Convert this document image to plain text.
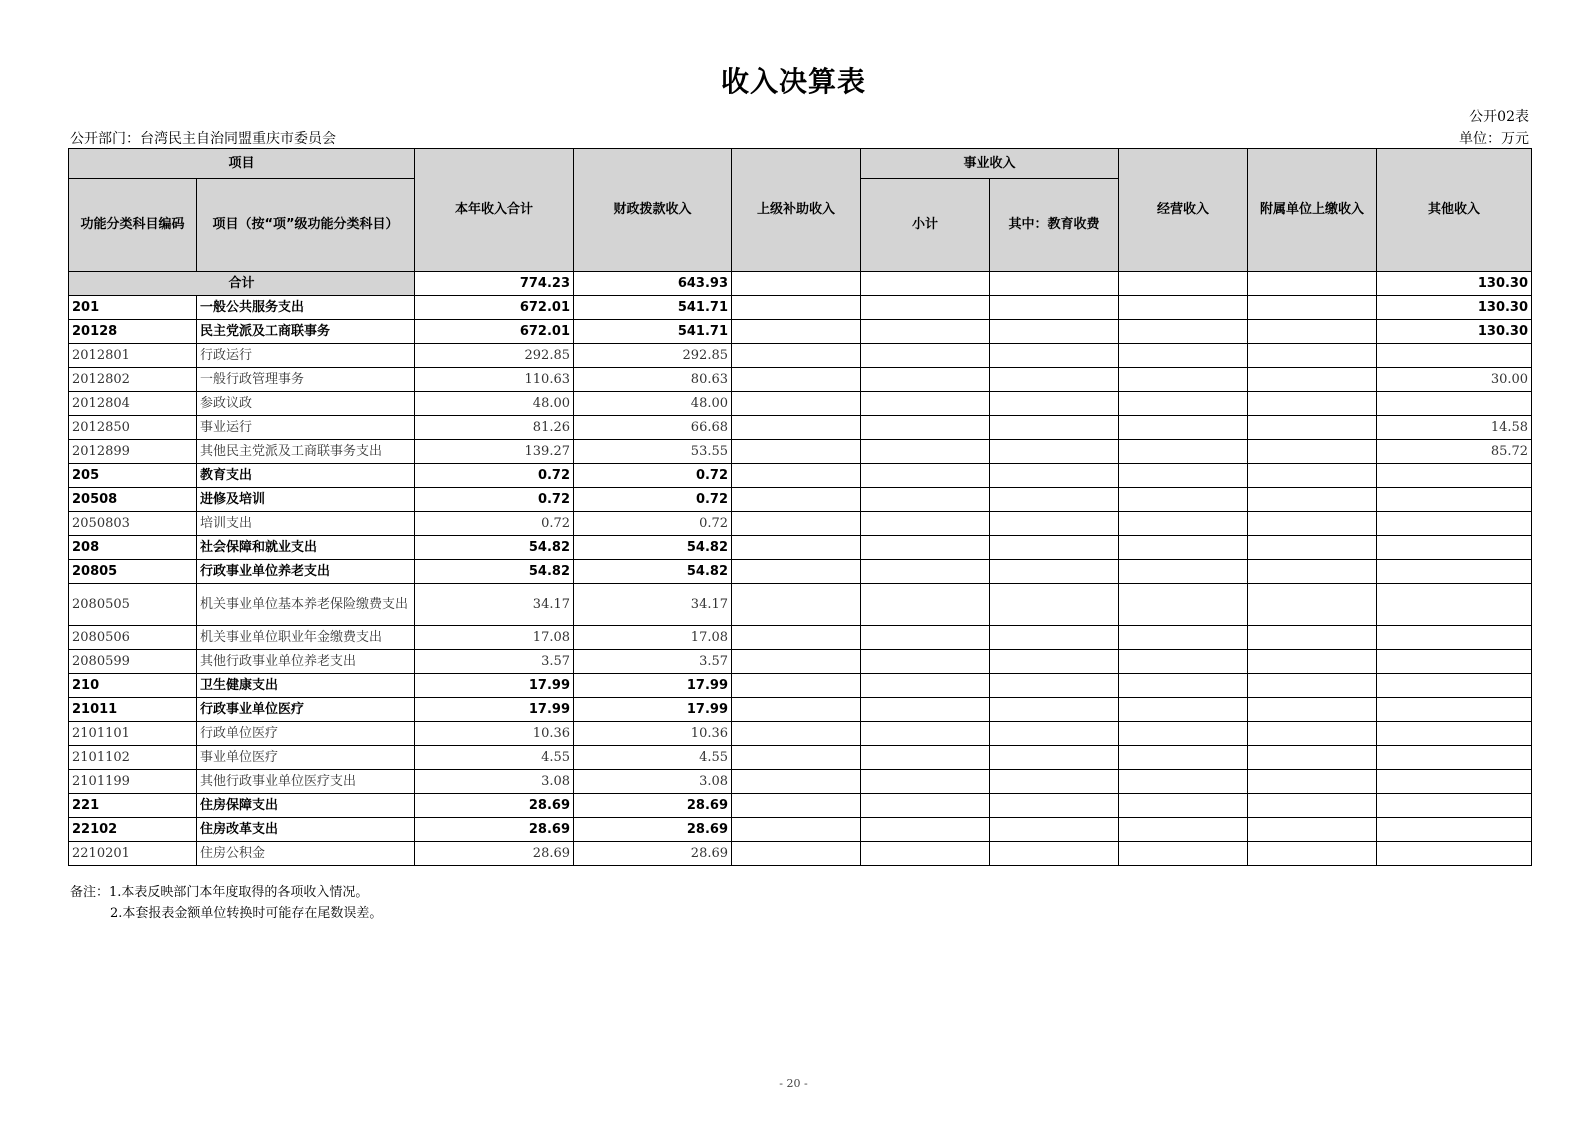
收入决算表
公开02表
公开部门：台湾民主自治同盟重庆市委员会	单位：万元
项目		本年收入合计	财政拨款收入	上级补助收入	事业收入		经营收入	附属单位上缴收入	其他收入
功能分类科目编码	项目（按“项”级功能分类科目）				小计	其中：教育收费			
合计		774.23	643.93						130.30
201	一般公共服务支出	672.01	541.71						130.30
20128	民主党派及工商联事务	672.01	541.71						130.30
2012801	行政运行	292.85	292.85						
2012802	一般行政管理事务	110.63	80.63						30.00
2012804	参政议政	48.00	48.00						
2012850	事业运行	81.26	66.68						14.58
2012899	其他民主党派及工商联事务支出	139.27	53.55						85.72
205	教育支出	0.72	0.72						
20508	进修及培训	0.72	0.72						
2050803	培训支出	0.72	0.72						
208	社会保障和就业支出	54.82	54.82						
20805	行政事业单位养老支出	54.82	54.82						
2080505	机关事业单位基本养老保险缴费支出	34.17	34.17						
2080506	机关事业单位职业年金缴费支出	17.08	17.08						
2080599	其他行政事业单位养老支出	3.57	3.57						
210	卫生健康支出	17.99	17.99						
21011	行政事业单位医疗	17.99	17.99						
2101101	行政单位医疗	10.36	10.36						
2101102	事业单位医疗	4.55	4.55						
2101199	其他行政事业单位医疗支出	3.08	3.08						
221	住房保障支出	28.69	28.69						
22102	住房改革支出	28.69	28.69						
2210201	住房公积金	28.69	28.69						
备注：1.本表反映部门本年度取得的各项收入情况。
2.本套报表金额单位转换时可能存在尾数误差。
- 20 -
